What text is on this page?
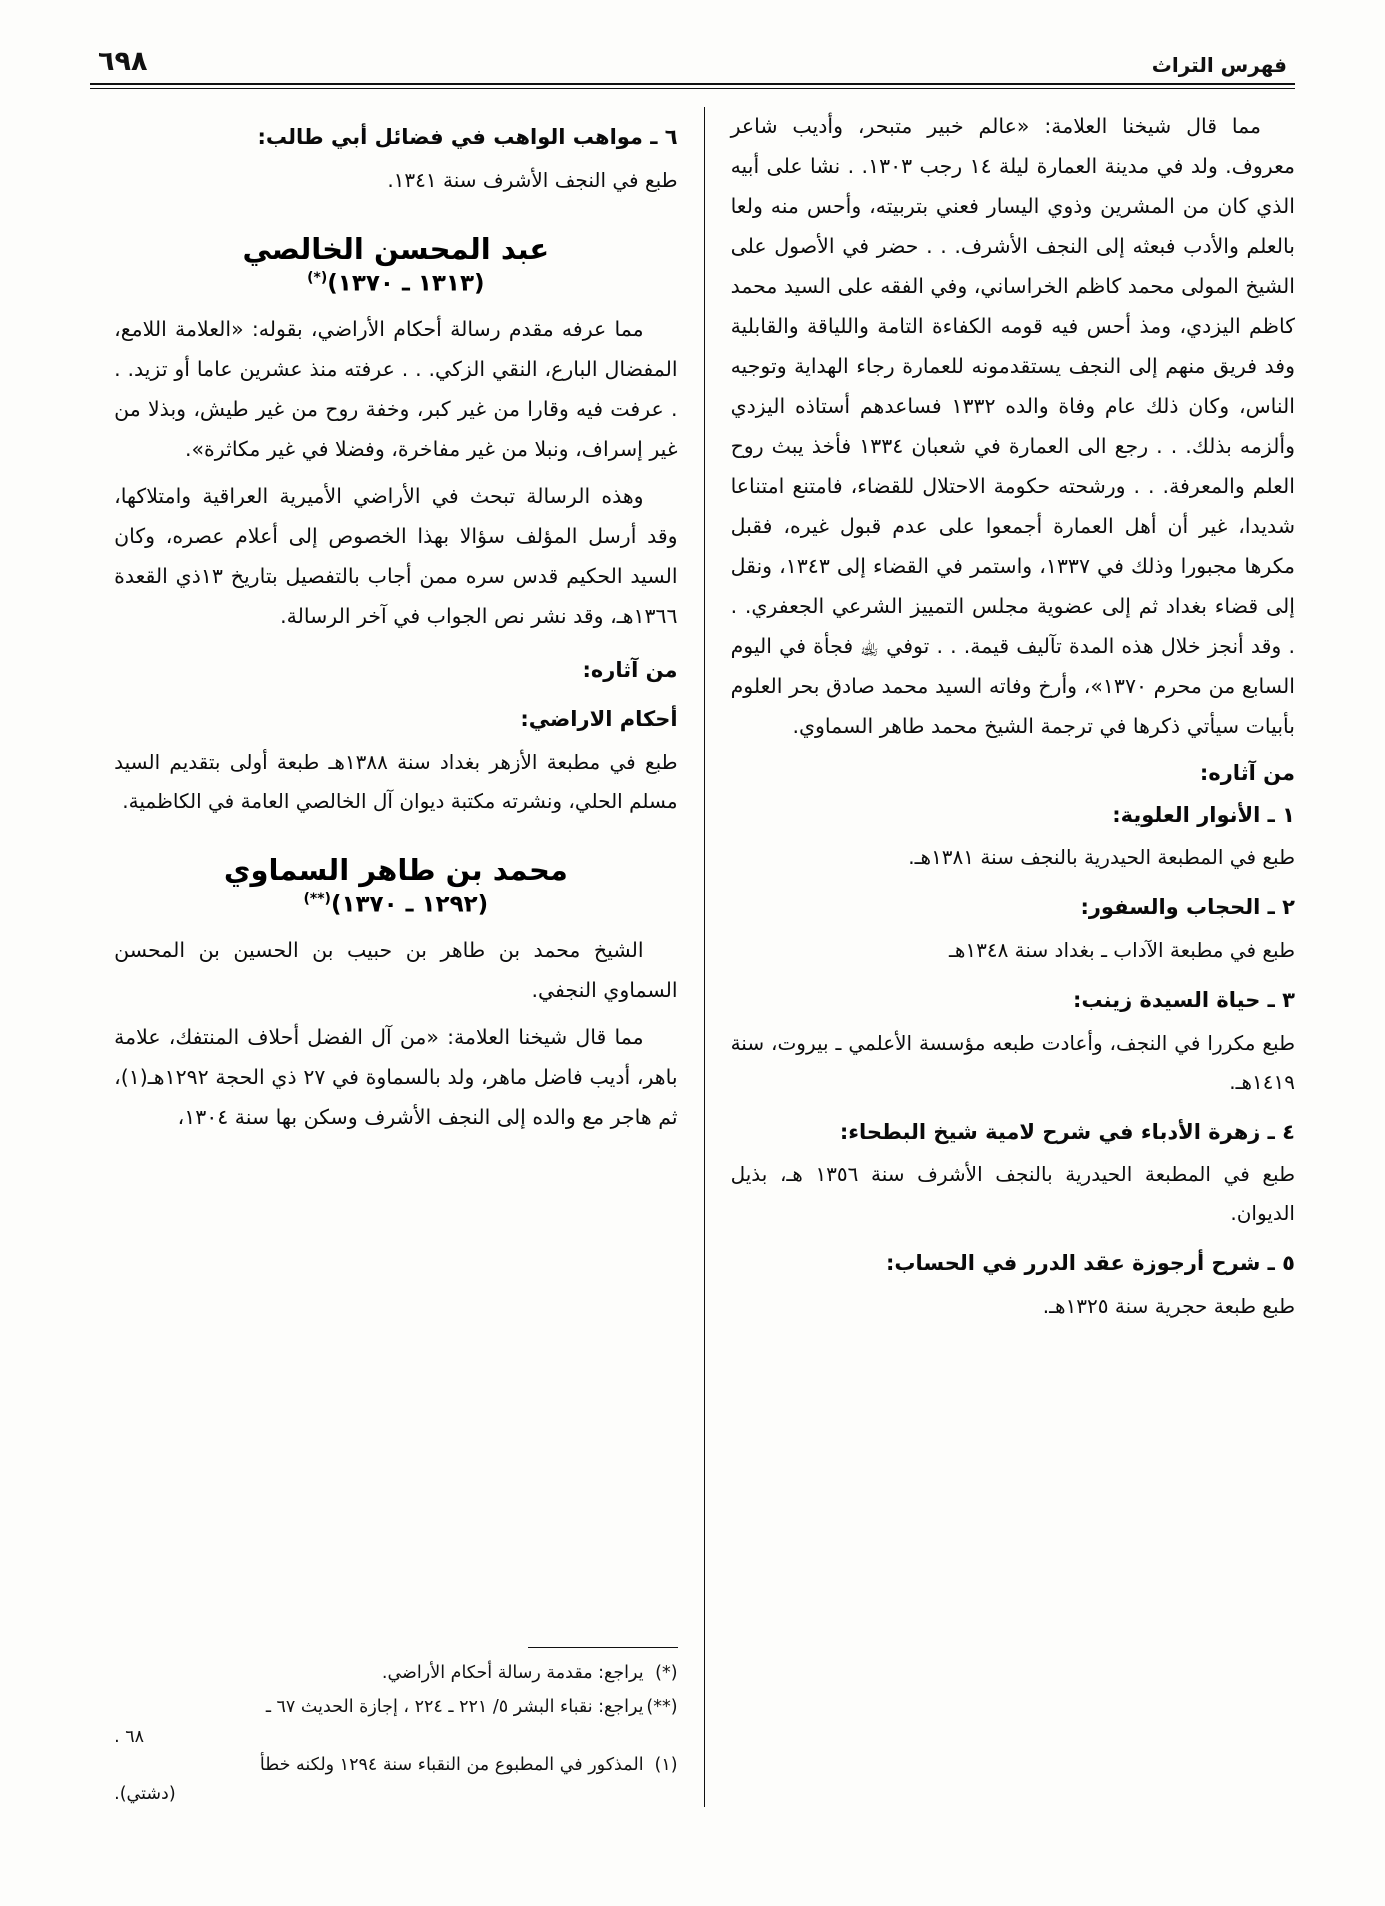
٦٩٨	فهرس التراث

مما قال شيخنا العلامة: «عالم خبير متبحر، وأديب شاعر معروف. ولد في مدينة العمارة ليلة ١٤ رجب ١٣٠٣. . نشا على أبيه الذي كان من المشرين وذوي اليسار فعني بتربيته، وأحس منه ولعا بالعلم والأدب فبعثه إلى النجف الأشرف. . . حضر في الأصول على الشيخ المولى محمد كاظم الخراساني، وفي الفقه على السيد محمد كاظم اليزدي، ومذ أحس فيه قومه الكفاءة التامة واللياقة والقابلية وفد فريق منهم إلى النجف يستقدمونه للعمارة رجاء الهداية وتوجيه الناس، وكان ذلك عام وفاة والده ١٣٣٢ فساعدهم أستاذه اليزدي وألزمه بذلك. . . رجع الى العمارة في شعبان ١٣٣٤ فأخذ يبث روح العلم والمعرفة. . . ورشحته حكومة الاحتلال للقضاء، فامتنع امتناعا شديدا، غير أن أهل العمارة أجمعوا على عدم قبول غيره، فقبل مكرها مجبورا وذلك في ١٣٣٧، واستمر في القضاء إلى ١٣٤٣، ونقل إلى قضاء بغداد ثم إلى عضوية مجلس التمييز الشرعي الجعفري. . . وقد أنجز خلال هذه المدة تآليف قيمة. . . توفي ﵀ فجأة في اليوم السابع من محرم ١٣٧٠»، وأرخ وفاته السيد محمد صادق بحر العلوم بأبيات سيأتي ذكرها في ترجمة الشيخ محمد طاهر السماوي.

من آثاره:
١ ـ الأنوار العلوية:

طبع في المطبعة الحيدرية بالنجف سنة ١٣٨١هـ.

٢ ـ الحجاب والسفور:

طبع في مطبعة الآداب ـ بغداد سنة ١٣٤٨هـ

٣ ـ حياة السيدة زينب:

طبع مكررا في النجف، وأعادت طبعه مؤسسة الأعلمي ـ بيروت، سنة ١٤١٩هـ.

٤ ـ زهرة الأدباء في شرح لامية شيخ البطحاء:

طبع في المطبعة الحيدرية بالنجف الأشرف سنة ١٣٥٦ هـ، بذيل الديوان.

٥ ـ شرح أرجوزة عقد الدرر في الحساب:

طبع طبعة حجرية سنة ١٣٢٥هـ.

٦ ـ مواهب الواهب في فضائل أبي طالب:

طبع في النجف الأشرف سنة ١٣٤١.

عبد المحسن الخالصي
(١٣١٣ ـ ١٣٧٠)(*)

مما عرفه مقدم رسالة أحكام الأراضي، بقوله: «العلامة اللامع، المفضال البارع، النقي الزكي. . . عرفته منذ عشرين عاما أو تزيد. . . عرفت فيه وقارا من غير كبر، وخفة روح من غير طيش، وبذلا من غير إسراف، ونبلا من غير مفاخرة، وفضلا في غير مكاثرة».

وهذه الرسالة تبحث في الأراضي الأميرية العراقية وامتلاكها، وقد أرسل المؤلف سؤالا بهذا الخصوص إلى أعلام عصره، وكان السيد الحكيم قدس سره ممن أجاب بالتفصيل بتاريخ ١٣ذي القعدة ١٣٦٦هـ، وقد نشر نص الجواب في آخر الرسالة.

من آثاره:
أحكام الاراضي:

طبع في مطبعة الأزهر بغداد سنة ١٣٨٨هـ طبعة أولى بتقديم السيد مسلم الحلي، ونشرته مكتبة ديوان آل الخالصي العامة في الكاظمية.

محمد بن طاهر السماوي
(١٢٩٢ ـ ١٣٧٠)(**)

الشيخ محمد بن طاهر بن حبيب بن الحسين بن المحسن السماوي النجفي.

مما قال شيخنا العلامة: «من آل الفضل أحلاف المنتفك، علامة باهر، أديب فاضل ماهر، ولد بالسماوة في ٢٧ ذي الحجة ١٢٩٢هـ(١)، ثم هاجر مع والده إلى النجف الأشرف وسكن بها سنة ١٣٠٤،

(*)يراجع: مقدمة رسالة أحكام الأراضي.

(**)يراجع: نقباء البشر ٥/ ٢٢١ ـ ٢٢٤ ، إجازة الحديث ٦٧ ـ

٦٨ .

(١)المذكور في المطبوع من النقباء سنة ١٢٩٤ ولكنه خطأ

(دشتي).
